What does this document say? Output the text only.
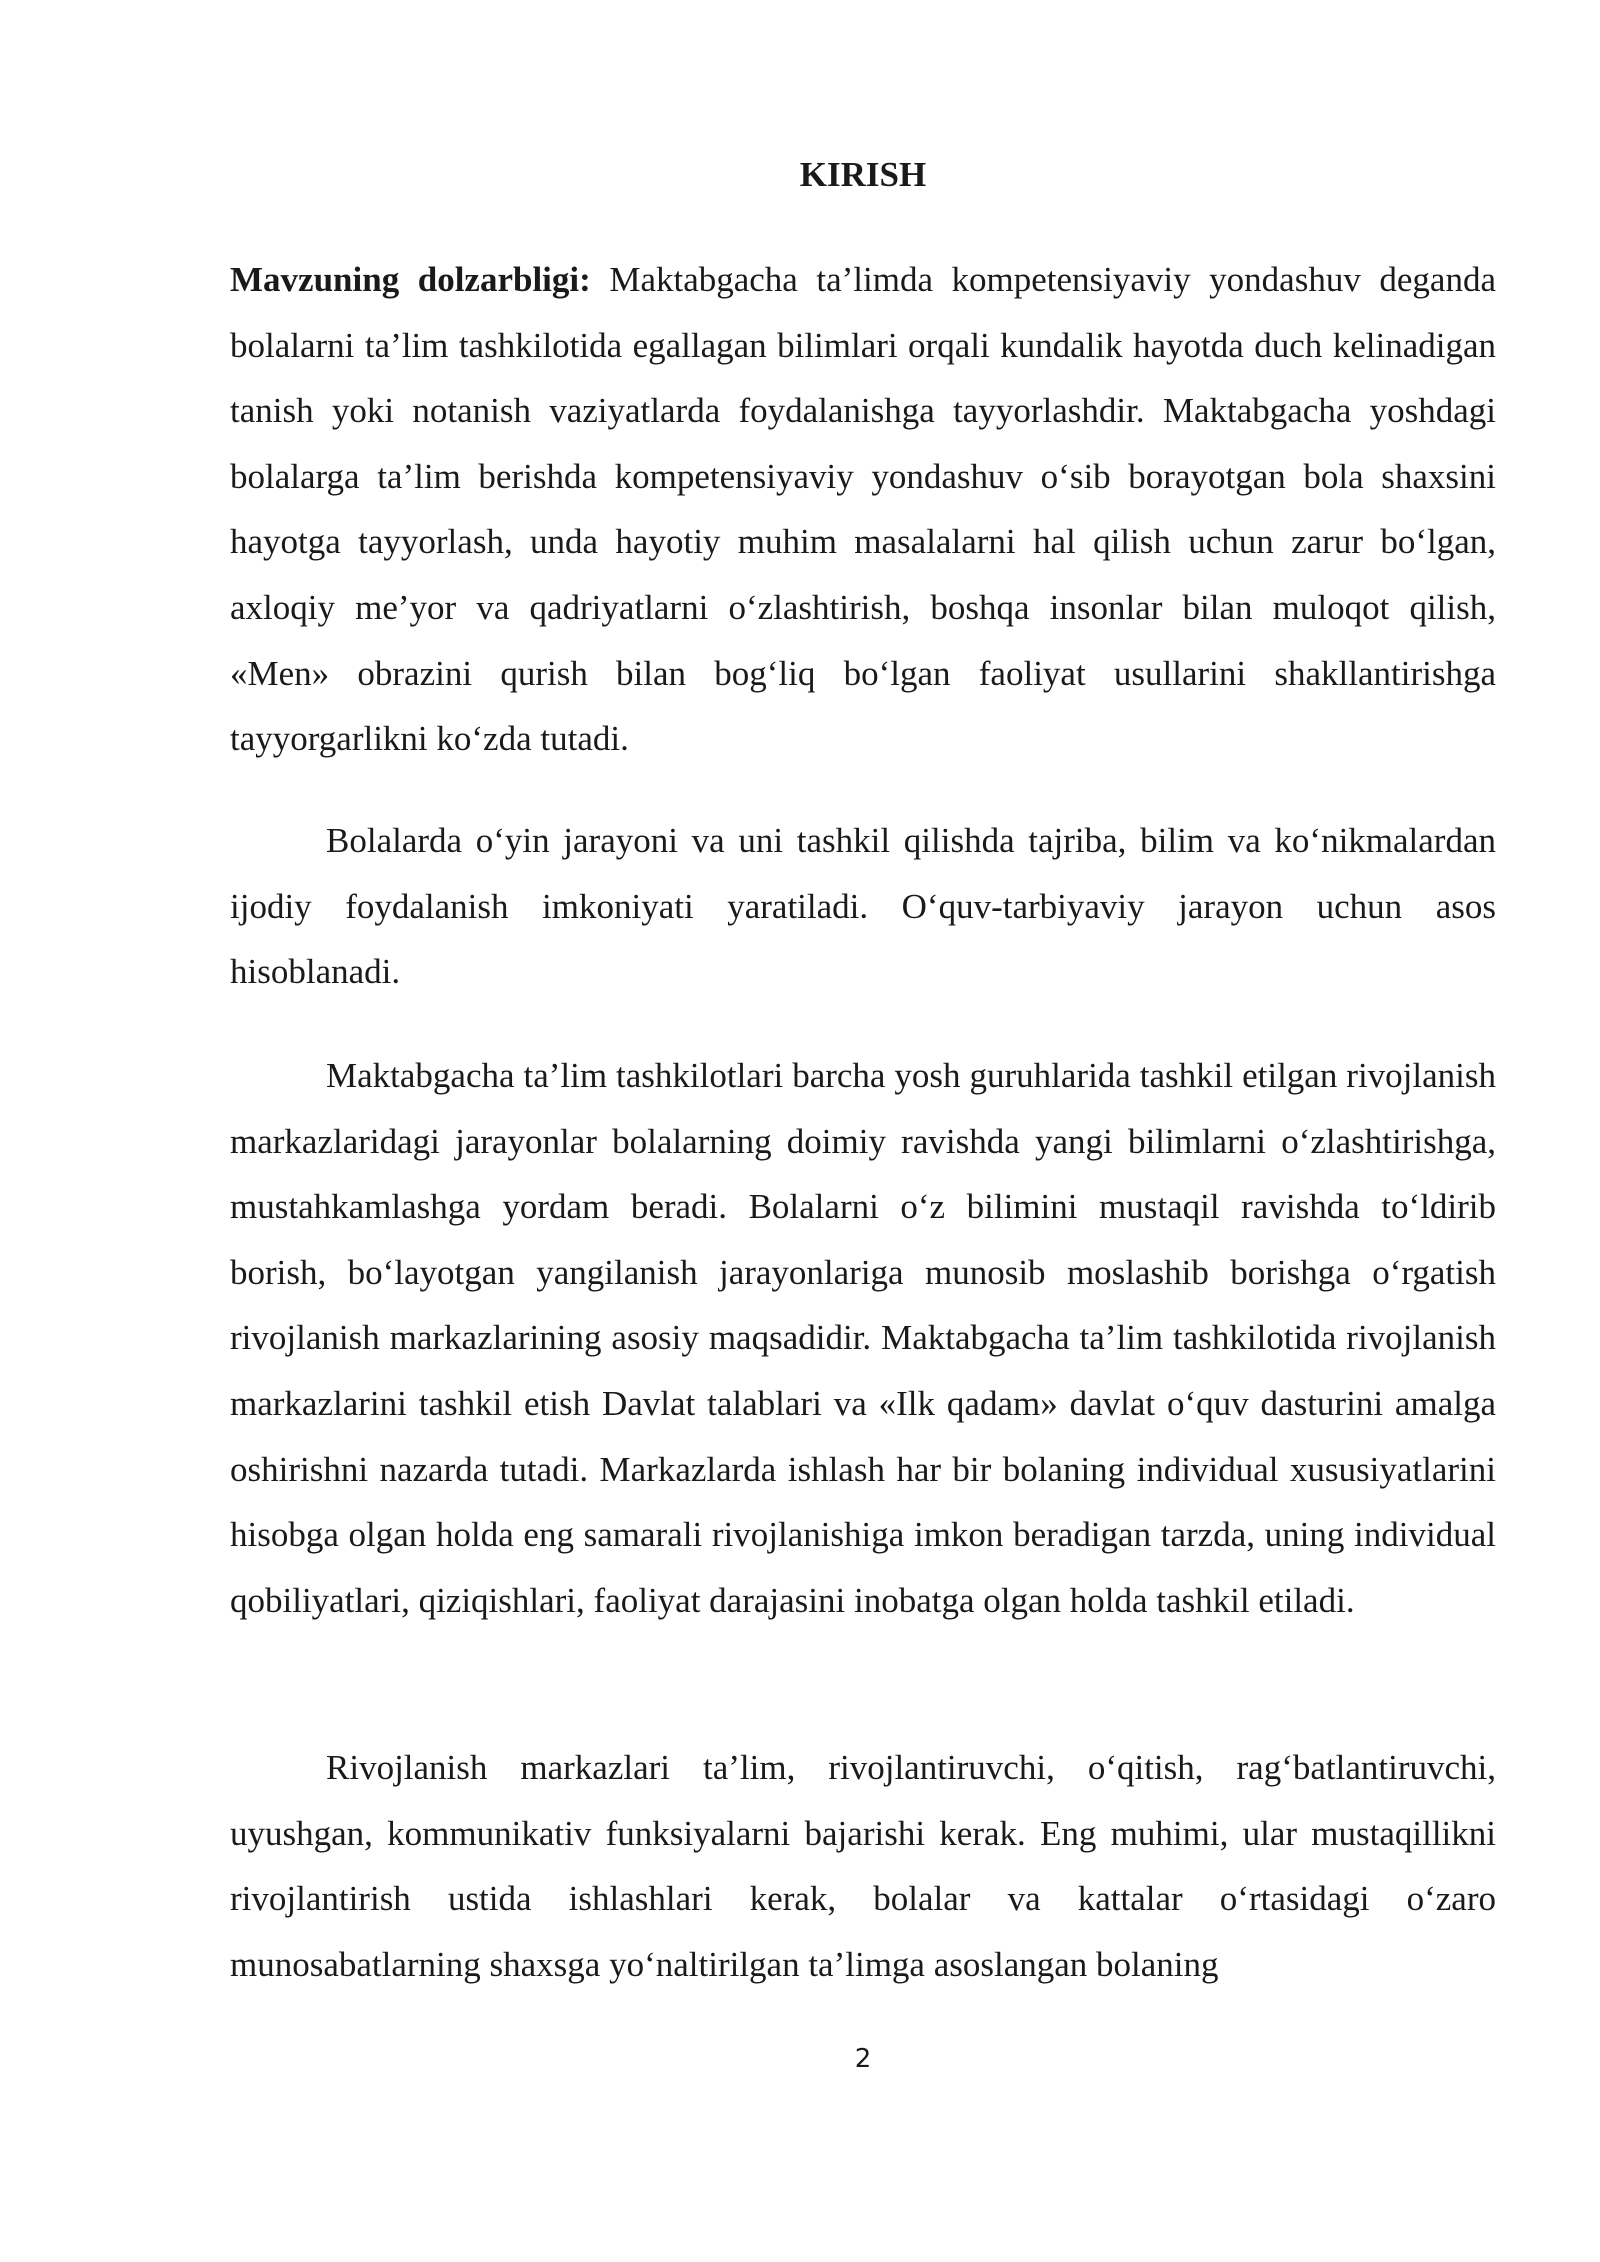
KIRISH

Mavzuning dolzarbligi: Maktabgacha ta’limda kompetensiyaviy yondashuv deganda bolalarni ta’lim tashkilotida egallagan bilimlari orqali kundalik hayotda duch kelinadigan tanish yoki notanish vaziyatlarda foydalanishga tayyorlashdir. Maktabgacha yoshdagi bolalarga ta’lim berishda kompetensiyaviy yondashuv o‘sib borayotgan bola shaxsini hayotga tayyorlash, unda hayotiy muhim masalalarni hal qilish uchun zarur bo‘lgan, axloqiy me’yor va qadriyatlarni o‘zlashtirish, boshqa insonlar bilan muloqot qilish, «Men» obrazini qurish bilan bog‘liq bo‘lgan faoliyat usullarini shakllantirishga tayyorgarlikni ko‘zda tutadi.

Bolalarda o‘yin jarayoni va uni tashkil qilishda tajriba, bilim va ko‘nikmalardan ijodiy foydalanish imkoniyati yaratiladi. O‘quv-tarbiyaviy jarayon uchun asos hisoblanadi.

Maktabgacha ta’lim tashkilotlari barcha yosh guruhlarida tashkil etilgan rivojlanish markazlaridagi jarayonlar bolalarning doimiy ravishda yangi bilimlarni o‘zlashtirishga, mustahkamlashga yordam beradi. Bolalarni o‘z bilimini mustaqil ravishda to‘ldirib borish, bo‘layotgan yangilanish jarayonlariga munosib moslashib borishga o‘rgatish rivojlanish markazlarining asosiy maqsadidir. Maktabgacha ta’lim tashkilotida rivojlanish markazlarini tashkil etish Davlat talablari va «Ilk qadam» davlat o‘quv dasturini amalga oshirishni nazarda tutadi. Markazlarda ishlash har bir bolaning individual xususiyatlarini hisobga olgan holda eng samarali rivojlanishiga imkon beradigan tarzda, uning individual qobiliyatlari, qiziqishlari, faoliyat darajasini inobatga olgan holda tashkil etiladi.

Rivojlanish markazlari ta’lim, rivojlantiruvchi, o‘qitish, rag‘batlantiruvchi, uyushgan, kommunikativ funksiyalarni bajarishi kerak. Eng muhimi, ular mustaqillikni rivojlantirish ustida ishlashlari kerak, bolalar va kattalar o‘rtasidagi o‘zaro munosabatlarning shaxsga yo‘naltirilgan ta’limga asoslangan bolaning

2
